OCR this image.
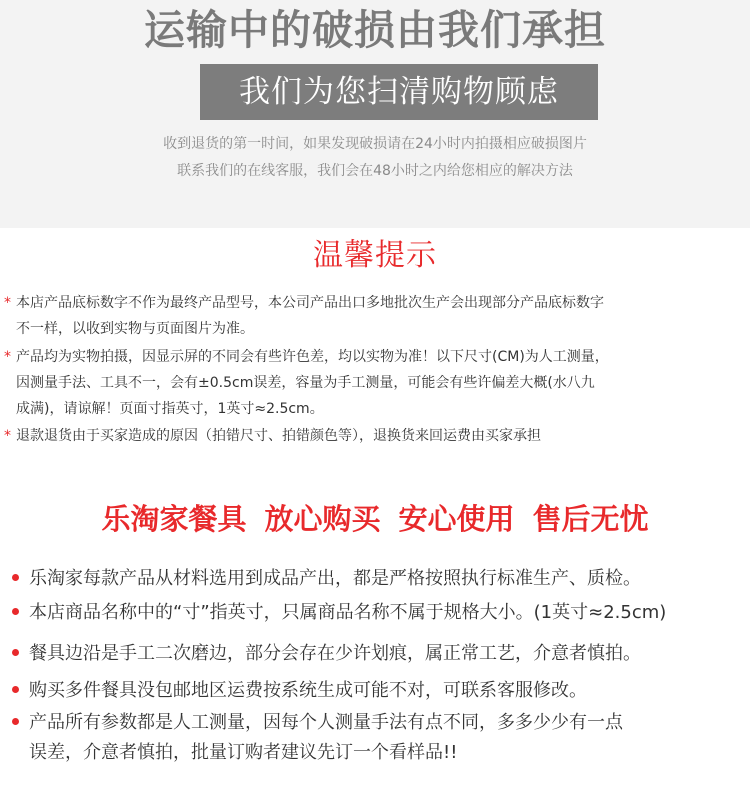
运输中的破损由我们承担
我们为您扫清购物顾虑
收到退货的第一时间，如果发现破损请在24小时内拍摄相应破损图片
联系我们的在线客服，我们会在48小时之内给您相应的解决方法
温馨提示
* 本店产品底标数字不作为最终产品型号，本公司产品出口多地批次生产会出现部分产品底标数字
不一样，以收到实物与页面图片为准。
* 产品均为实物拍摄，因显示屏的不同会有些许色差，均以实物为准！以下尺寸(CM)为人工测量，
因测量手法、工具不一，会有±0.5cm误差，容量为手工测量，可能会有些许偏差大概(水八九
成满)，请谅解！页面寸指英寸，1英寸≈2.5cm。
* 退款退货由于买家造成的原因（拍错尺寸、拍错颜色等），退换货来回运费由买家承担
乐淘家餐具 放心购买 安心使用 售后无忧
乐淘家每款产品从材料选用到成品产出，都是严格按照执行标准生产、质检。
本店商品名称中的“寸”指英寸，只属商品名称不属于规格大小。(1英寸≈2.5cm)
餐具边沿是手工二次磨边，部分会存在少许划痕，属正常工艺，介意者慎拍。
购买多件餐具没包邮地区运费按系统生成可能不对，可联系客服修改。
产品所有参数都是人工测量，因每个人测量手法有点不同，多多少少有一点
误差，介意者慎拍，批量订购者建议先订一个看样品!!
